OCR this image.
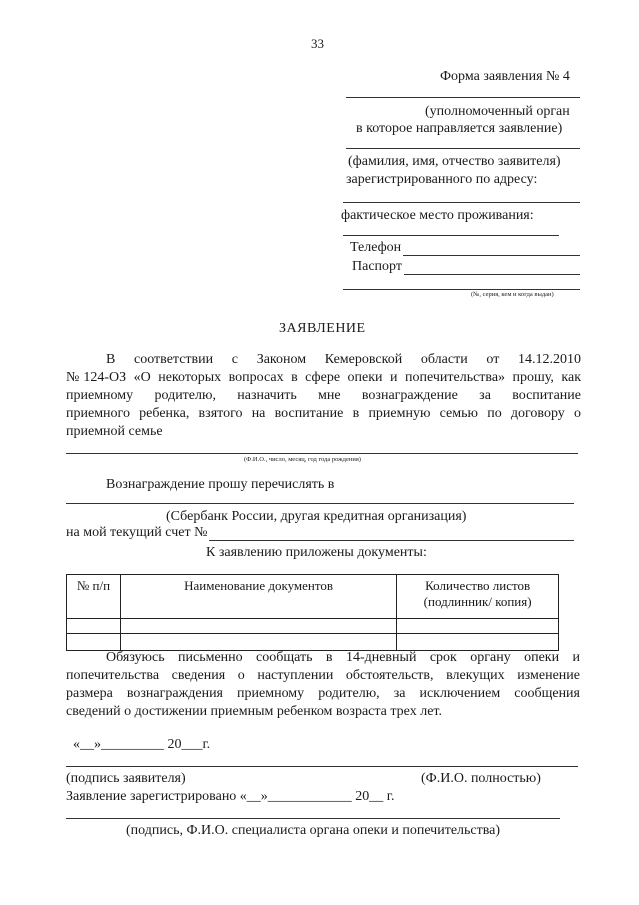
33
Форма заявления № 4
(уполномоченный орган
в которое направляется заявление)
(фамилия, имя, отчество заявителя)
зарегистрированного по адресу:
фактическое место проживания:
Телефон
Паспорт
(№, серия, кем и когда выдан)
ЗАЯВЛЕНИЕ
В соответствии с Законом Кемеровской области от 14.12.2010
№124-ОЗ «О некоторых вопросах в сфере опеки и попечительства» прошу, как
приемному родителю, назначить мне вознаграждение за воспитание
приемного ребенка, взятого на воспитание в приемную семью по договору о
приемной семье
(Ф.И.О., число, месяц, год года рождения)
Вознаграждение прошу перечислять в
(Сбербанк России, другая кредитная организация)
на мой текущий счет №
К заявлению приложены документы:
№ п/п	Наименование документов	Количество листов
(подлинник/ копия)

Обязуюсь письменно сообщать в 14-дневный срок органу опеки и
попечительства сведения о наступлении обстоятельств, влекущих изменение
размера вознаграждения приемному родителю, за исключением сообщения
сведений о достижении приемным ребенком возраста трех лет.
«__»_________ 20___г.
(подпись заявителя)	(Ф.И.О. полностью)
Заявление зарегистрировано «__»____________ 20__ г.
(подпись, Ф.И.О. специалиста органа опеки и попечительства)
